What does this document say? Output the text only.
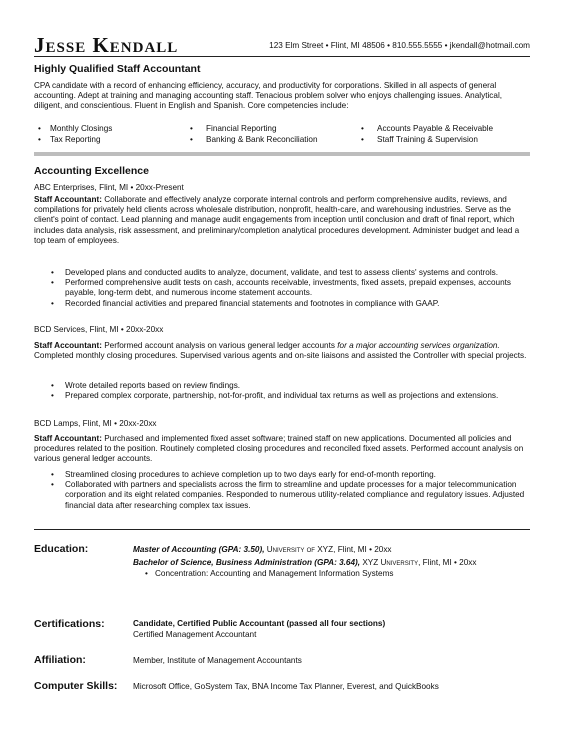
Jesse Kendall	123 Elm Street • Flint, MI 48506 • 810.555.5555 • jkendall@hotmail.com
Highly Qualified Staff Accountant
CPA candidate with a record of enhancing efficiency, accuracy, and productivity for corporations. Skilled in all aspects of general accounting. Adept at training and managing accounting staff. Tenacious problem solver who enjoys challenging issues. Analytical, diligent, and conscientious. Fluent in English and Spanish. Core competencies include:
• Monthly Closings
• Tax Reporting
• Financial Reporting
• Banking & Bank Reconciliation
• Accounts Payable & Receivable
• Staff Training & Supervision
Accounting Excellence
ABC Enterprises, Flint, MI • 20xx-Present
Staff Accountant: Collaborate and effectively analyze corporate internal controls and perform comprehensive audits, reviews, and compilations for privately held clients across wholesale distribution, nonprofit, health-care, and warehousing industries. Serve as the client's point of contact. Lead planning and manage audit engagements from inception until conclusion and draft of final report, which includes data analysis, risk assessment, and preliminary/completion analytical procedures development. Administer budget and lead a top team of employees.
• Developed plans and conducted audits to analyze, document, validate, and test to assess clients' systems and controls.
• Performed comprehensive audit tests on cash, accounts receivable, investments, fixed assets, prepaid expenses, accounts payable, long-term debt, and numerous income statement accounts.
• Recorded financial activities and prepared financial statements and footnotes in compliance with GAAP.
BCD Services, Flint, MI • 20xx-20xx
Staff Accountant: Performed account analysis on various general ledger accounts for a major accounting services organization. Completed monthly closing procedures. Supervised various agents and on-site liaisons and assisted the Controller with special projects.
• Wrote detailed reports based on review findings.
• Prepared complex corporate, partnership, not-for-profit, and individual tax returns as well as projections and extensions.
BCD Lamps, Flint, MI • 20xx-20xx
Staff Accountant: Purchased and implemented fixed asset software; trained staff on new applications. Documented all policies and procedures related to the position. Routinely completed closing procedures and reconciled fixed assets. Performed account analysis on various general ledger accounts.
• Streamlined closing procedures to achieve completion up to two days early for end-of-month reporting.
• Collaborated with partners and specialists across the firm to streamline and update processes for a major telecommunication corporation and its eight related companies. Responded to numerous utility-related compliance and regulatory issues. Adjusted financial data after researching complex tax issues.
Education:	Master of Accounting (GPA: 3.50), University of XYZ, Flint, MI • 20xx
Bachelor of Science, Business Administration (GPA: 3.64), XYZ University, Flint, MI • 20xx
• Concentration: Accounting and Management Information Systems
Certifications:	Candidate, Certified Public Accountant (passed all four sections)
Certified Management Accountant
Affiliation:	Member, Institute of Management Accountants
Computer Skills: Microsoft Office, GoSystem Tax, BNA Income Tax Planner, Everest, and QuickBooks
